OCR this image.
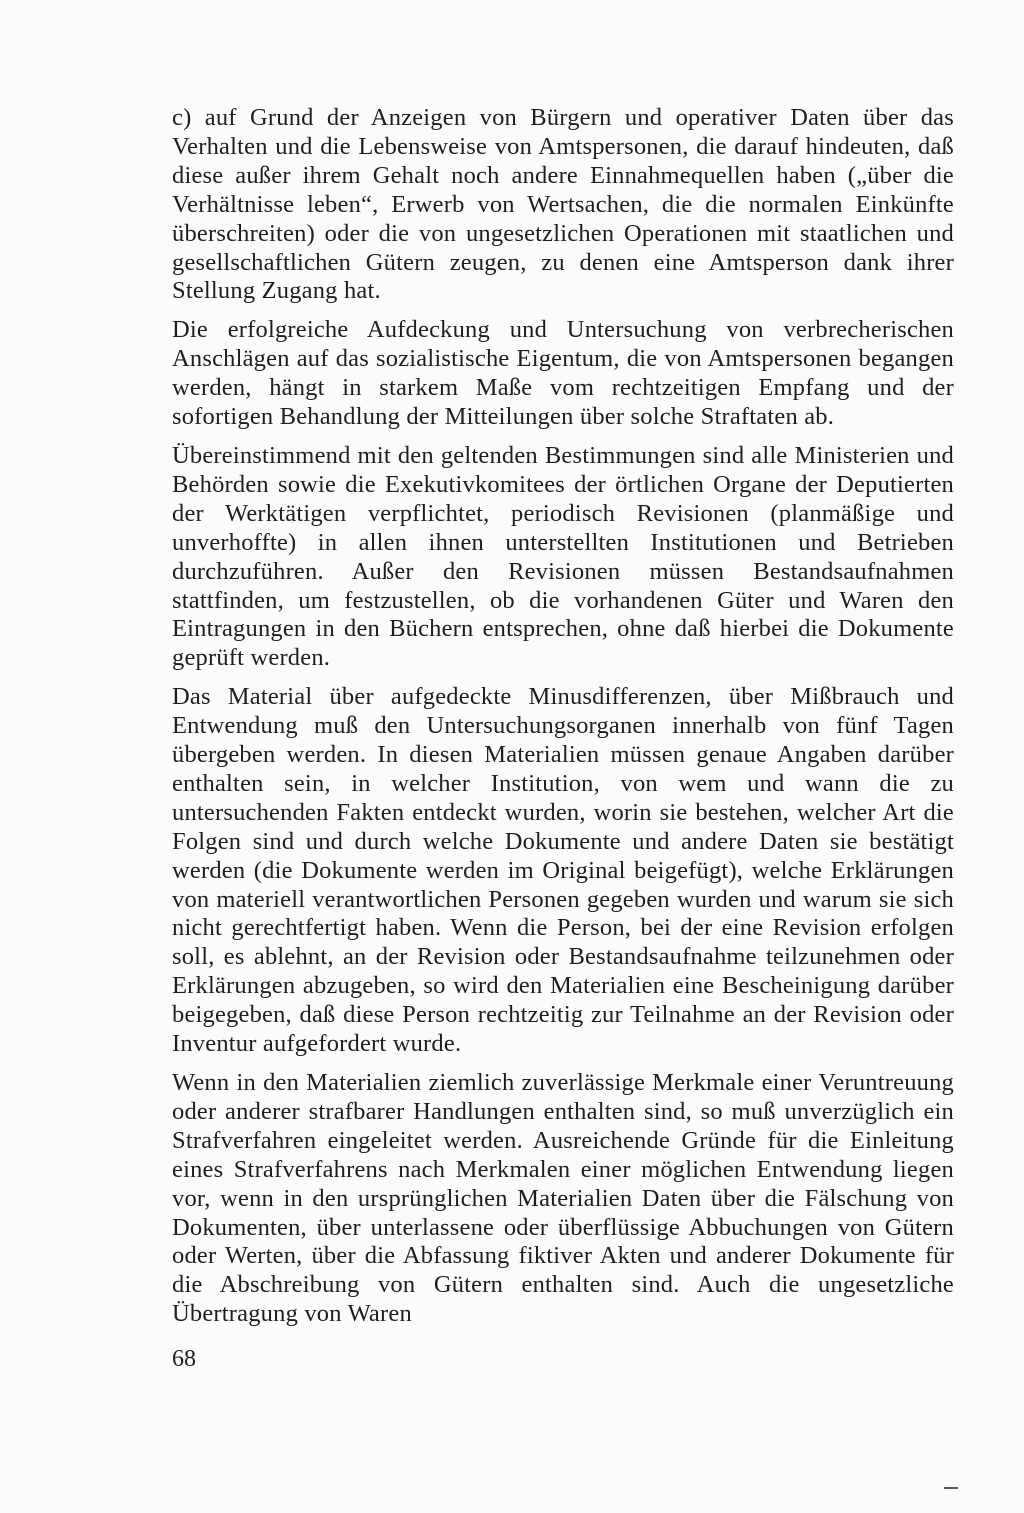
c) auf Grund der Anzeigen von Bürgern und operativer Daten über das Verhalten und die Lebensweise von Amtspersonen, die darauf hindeuten, daß diese außer ihrem Gehalt noch andere Einnahmequellen haben („über die Verhältnisse leben“, Erwerb von Wertsachen, die die normalen Einkünfte überschreiten) oder die von ungesetzlichen Operationen mit staatlichen und gesellschaftlichen Gütern zeugen, zu denen eine Amtsperson dank ihrer Stellung Zugang hat.

Die erfolgreiche Aufdeckung und Untersuchung von verbrecherischen Anschlägen auf das sozialistische Eigentum, die von Amtspersonen begangen werden, hängt in starkem Maße vom rechtzeitigen Empfang und der sofortigen Behandlung der Mitteilungen über solche Straftaten ab.

Übereinstimmend mit den geltenden Bestimmungen sind alle Ministerien und Behörden sowie die Exekutivkomitees der örtlichen Organe der Deputierten der Werktätigen verpflichtet, periodisch Revisionen (planmäßige und unverhoffte) in allen ihnen unterstellten Institutionen und Betrieben durchzuführen. Außer den Revisionen müssen Bestandsaufnahmen stattfinden, um festzustellen, ob die vorhandenen Güter und Waren den Eintragungen in den Büchern entsprechen, ohne daß hierbei die Dokumente geprüft werden.

Das Material über aufgedeckte Minusdifferenzen, über Mißbrauch und Entwendung muß den Untersuchungsorganen innerhalb von fünf Tagen übergeben werden. In diesen Materialien müssen genaue Angaben darüber enthalten sein, in welcher Institution, von wem und wann die zu untersuchenden Fakten entdeckt wurden, worin sie bestehen, welcher Art die Folgen sind und durch welche Dokumente und andere Daten sie bestätigt werden (die Dokumente werden im Original beigefügt), welche Erklärungen von materiell verantwortlichen Personen gegeben wurden und warum sie sich nicht gerechtfertigt haben. Wenn die Person, bei der eine Revision erfolgen soll, es ablehnt, an der Revision oder Bestandsaufnahme teilzunehmen oder Erklärungen abzugeben, so wird den Materialien eine Bescheinigung darüber beigegeben, daß diese Person rechtzeitig zur Teilnahme an der Revision oder Inventur aufgefordert wurde.

Wenn in den Materialien ziemlich zuverlässige Merkmale einer Veruntreuung oder anderer strafbarer Handlungen enthalten sind, so muß unverzüglich ein Strafverfahren eingeleitet werden. Ausreichende Gründe für die Einleitung eines Strafverfahrens nach Merkmalen einer möglichen Entwendung liegen vor, wenn in den ursprünglichen Materialien Daten über die Fälschung von Dokumenten, über unterlassene oder überflüssige Abbuchungen von Gütern oder Werten, über die Abfassung fiktiver Akten und anderer Dokumente für die Abschreibung von Gütern enthalten sind. Auch die ungesetzliche Übertragung von Waren

68
